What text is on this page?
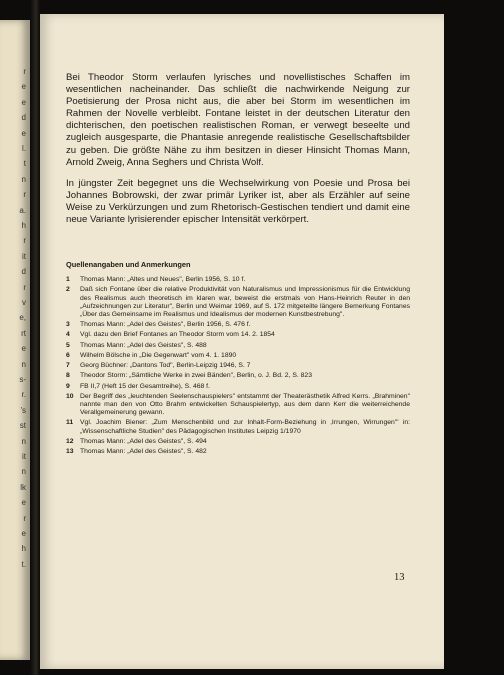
r
e
e
d
e
l.
t
n
r
a.
h
r
it
d
r
v
e,
rt
e
n
s-
r.
's
st
n
it
n
lk
e
r
e
h
t.

Bei Theodor Storm verlaufen lyrisches und novellistisches Schaffen im wesentlichen nacheinander. Das schließt die nachwirkende Neigung zur Poetisierung der Prosa nicht aus, die aber bei Storm im wesentlichen im Rahmen der Novelle verbleibt. Fontane leistet in der deutschen Literatur den dichterischen, den poetischen realistischen Roman, er verwegt beseelte und zugleich ausgesparte, die Phantasie anregende realistische Gesellschaftsbilder zu geben. Die größte Nähe zu ihm besitzen in dieser Hinsicht Thomas Mann, Arnold Zweig, Anna Seghers und Christa Wolf.

In jüngster Zeit begegnet uns die Wechselwirkung von Poesie und Prosa bei Johannes Bobrowski, der zwar primär Lyriker ist, aber als Erzähler auf seine Weise zu Verkürzungen und zum Rhetorisch-Gestischen tendiert und damit eine neue Variante lyrisierender epischer Intensität verkörpert.

Quellenangaben und Anmerkungen
1	Thomas Mann: „Altes und Neues", Berlin 1956, S. 10 f.
2	Daß sich Fontane über die relative Produktivität von Naturalismus und Impressionismus für die Entwicklung des Realismus auch theoretisch im klaren war, beweist die erstmals von Hans-Heinrich Reuter in den „Aufzeichnungen zur Literatur", Berlin und Weimar 1969, auf S. 172 mitgeteilte längere Bemerkung Fontanes „Über das Gemeinsame im Realismus und Idealismus der modernen Kunstbestrebung".
3	Thomas Mann: „Adel des Geistes", Berlin 1956, S. 476 f.
4	Vgl. dazu den Brief Fontanes an Theodor Storm vom 14. 2. 1854
5	Thomas Mann: „Adel des Geistes", S. 488
6	Wilhelm Bölsche in „Die Gegenwart" vom 4. 1. 1890
7	Georg Büchner: „Dantons Tod", Berlin-Leipzig 1946, S. 7
8	Theodor Storm: „Sämtliche Werke in zwei Bänden", Berlin, o. J. Bd. 2, S. 823
9	FB II,7 (Heft 15 der Gesamtreihe), S. 468 f.
10 Der Begriff des „leuchtenden Seelenschauspielers" entstammt der Theaterästhetik Alfred Kerrs. „Brahminen" nannte man den von Otto Brahm entwickelten Schauspielertyp, aus dem dann Kerr die weiterreichende Verallgemeinerung gewann.
11	Vgl. Joachim Biener: „Zum Menschenbild und zur Inhalt-Form-Beziehung in ‚Irrungen, Wirrungen'" in: „Wissenschaftliche Studien" des Pädagogischen Institutes Leipzig 1/1970
12 Thomas Mann: „Adel des Geistes", S. 494
13 Thomas Mann: „Adel des Geistes", S. 482
13
